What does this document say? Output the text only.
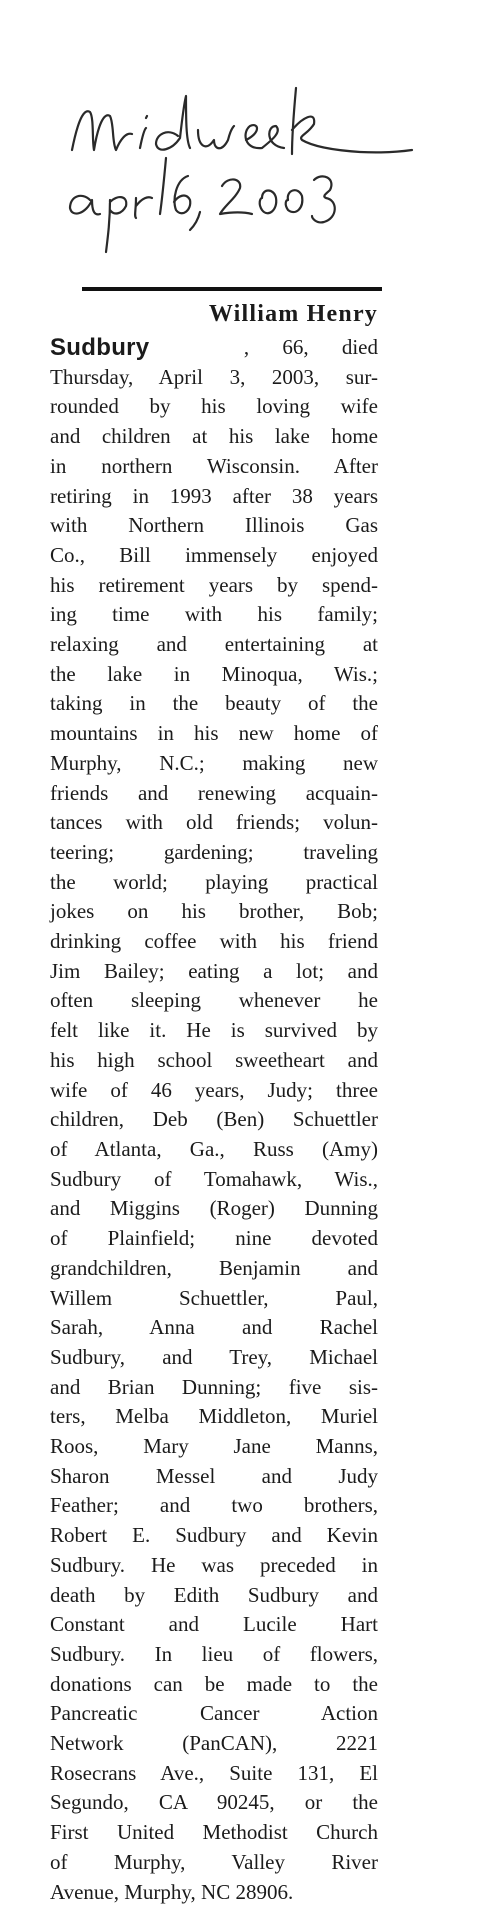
Midweek
Apr 16, 2003
William Henry
Sudbury	, 66, died
Thursday, April 3, 2003, sur-
rounded by his loving wife
and children at his lake home
in northern Wisconsin. After
retiring in 1993 after 38 years
with Northern Illinois Gas
Co., Bill immensely enjoyed
his retirement years by spend-
ing time with his family;
relaxing and entertaining at
the lake in Minoqua, Wis.;
taking in the beauty of the
mountains in his new home of
Murphy, N.C.; making new
friends and renewing acquain-
tances with old friends; volun-
teering; gardening; traveling
the world; playing practical
jokes on his brother, Bob;
drinking coffee with his friend
Jim Bailey; eating a lot; and
often sleeping whenever he
felt like it. He is survived by
his high school sweetheart and
wife of 46 years, Judy; three
children, Deb (Ben) Schuettler
of Atlanta, Ga., Russ (Amy)
Sudbury of Tomahawk, Wis.,
and Miggins (Roger) Dunning
of Plainfield; nine devoted
grandchildren, Benjamin and
Willem Schuettler, Paul,
Sarah, Anna and Rachel
Sudbury, and Trey, Michael
and Brian Dunning; five sis-
ters, Melba Middleton, Muriel
Roos, Mary Jane Manns,
Sharon Messel and Judy
Feather; and two brothers,
Robert E. Sudbury and Kevin
Sudbury. He was preceded in
death by Edith Sudbury and
Constant and Lucile Hart
Sudbury. In lieu of flowers,
donations can be made to the
Pancreatic Cancer Action
Network (PanCAN), 2221
Rosecrans Ave., Suite 131, El
Segundo, CA 90245, or the
First United Methodist Church
of Murphy, Valley River
Avenue, Murphy, NC 28906.
